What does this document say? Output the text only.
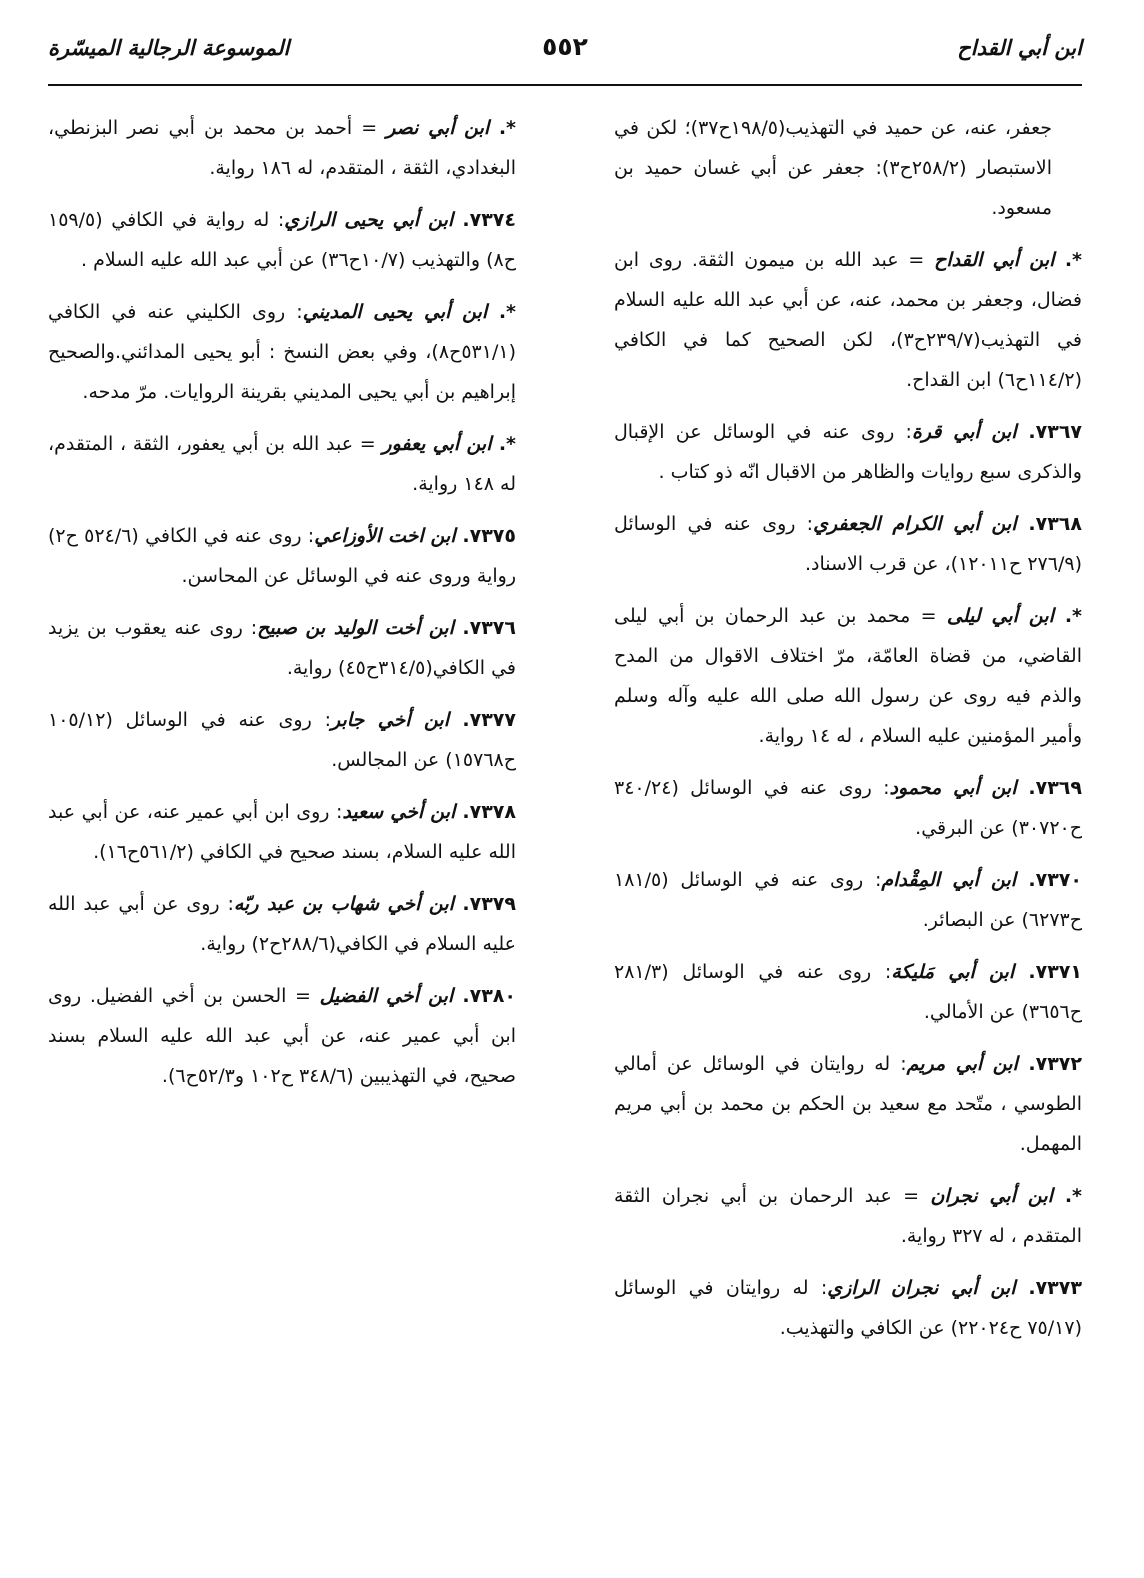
ابن أبي القداح
٥٥٢
الموسوعة الرجالية الميسّرة
جعفر، عنه، عن حميد في التهذيب(١٩٨/٥ح٣٧)؛ لكن في الاستبصار (٢٥٨/٢ح٣): جعفر عن أبي غسان حميد بن مسعود.
*. ابن أبي القداح = عبد الله بن ميمون الثقة. روى ابن فضال، وجعفر بن محمد، عنه، عن أبي عبد الله عليه السلام في التهذيب(٢٣٩/٧ح٣)، لكن الصحيح كما في الكافي (١١٤/٢ح٦) ابن القداح.
٧٣٦٧. ابن أبي قرة: روى عنه في الوسائل عن الإقبال والذكرى سبع روايات والظاهر من الاقبال انّه ذو كتاب .
٧٣٦٨. ابن أبي الكرام الجعفري: روى عنه في الوسائل (٢٧٦/٩ ح١٢٠١١)، عن قرب الاسناد.
*. ابن أبي ليلى = محمد بن عبد الرحمان بن أبي ليلى القاضي، من قضاة العامّة، مرّ اختلاف الاقوال من المدح والذم فيه روى عن رسول الله صلى الله عليه وآله وسلم وأمير المؤمنين عليه السلام ، له ١٤ رواية.
٧٣٦٩. ابن أبي محمود: روى عنه في الوسائل (٣٤٠/٢٤ ح٣٠٧٢٠) عن البرقي.
٧٣٧٠. ابن أبي المِقْدام: روى عنه في الوسائل (١٨١/٥ ح٦٢٧٣) عن البصائر.
٧٣٧١. ابن أبي مَليكة: روى عنه في الوسائل (٢٨١/٣ ح٣٦٥٦) عن الأمالي.
٧٣٧٢. ابن أبي مريم: له روايتان في الوسائل عن أمالي الطوسي ، متّحد مع سعيد بن الحكم بن محمد بن أبي مريم المهمل.
*. ابن أبي نجران = عبد الرحمان بن أبي نجران الثقة المتقدم ، له ٣٢٧ رواية.
٧٣٧٣. ابن أبي نجران الرازي: له روايتان في الوسائل (٧٥/١٧ ح٢٢٠٢٤) عن الكافي والتهذيب.
*. ابن أبي نصر = أحمد بن محمد بن أبي نصر البزنطي، البغدادي، الثقة ، المتقدم، له ١٨٦ رواية.
٧٣٧٤. ابن أبي يحيى الرازي: له رواية في الكافي (١٥٩/٥ ح٨) والتهذيب (١٠/٧ح٣٦) عن أبي عبد الله عليه السلام .
*. ابن أبي يحيى المديني: روى الكليني عنه في الكافي (٥٣١/١ح٨)، وفي بعض النسخ : أبو يحيى المدائني.والصحيح إبراهيم بن أبي يحيى المديني بقرينة الروايات. مرّ مدحه.
*. ابن أبي يعفور = عبد الله بن أبي يعفور، الثقة ، المتقدم، له ١٤٨ رواية.
٧٣٧٥. ابن اخت الأوزاعي: روى عنه في الكافي (٥٢٤/٦ ح٢) رواية وروى عنه في الوسائل عن المحاسن.
٧٣٧٦. ابن أخت الوليد بن صبيح: روى عنه يعقوب بن يزيد في الكافي(٣١٤/٥ح٤٥) رواية.
٧٣٧٧. ابن أخي جابر: روى عنه في الوسائل (١٠٥/١٢ ح١٥٧٦٨) عن المجالس.
٧٣٧٨. ابن أخي سعيد: روى ابن أبي عمير عنه، عن أبي عبد الله عليه السلام، بسند صحيح في الكافي (٥٦١/٢ح١٦).
٧٣٧٩. ابن أخي شهاب بن عبد ربّه: روى عن أبي عبد الله عليه السلام في الكافي(٢٨٨/٦ح٢) رواية.
٧٣٨٠. ابن أخي الفضيل = الحسن بن أخي الفضيل. روى ابن أبي عمير عنه، عن أبي عبد الله عليه السلام بسند صحيح، في التهذيبين (٣٤٨/٦ ح١٠٢ و٥٢/٣ح٦).
